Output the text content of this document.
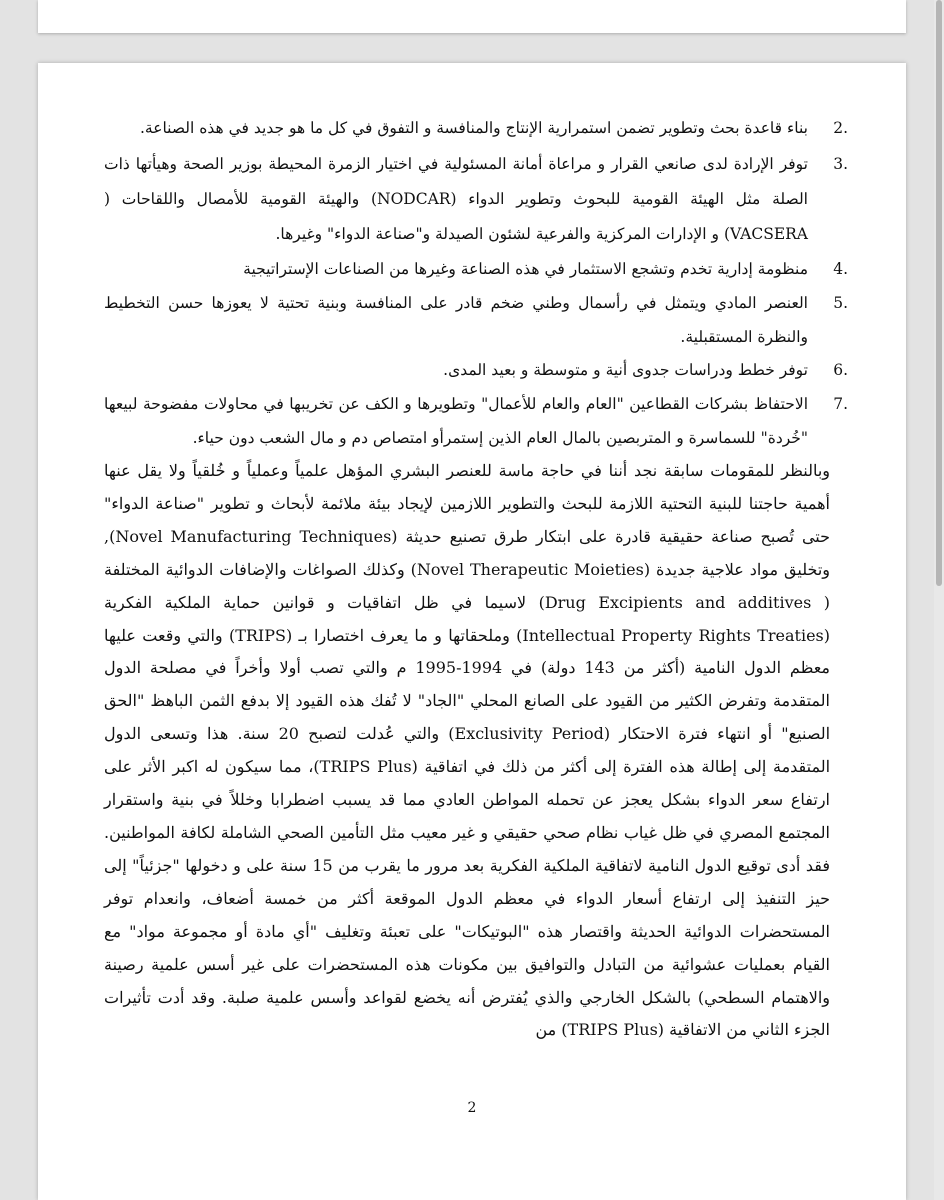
2.
بناء قاعدة بحث وتطوير تضمن استمرارية الإنتاج والمنافسة و التفوق في كل ما هو جديد في هذه الصناعة.
3.
توفر الإرادة لدى صانعي القرار و مراعاة أمانة المسئولية في اختيار الزمرة المحيطة بوزير الصحة وهيأتها ذات الصلة مثل الهيئة القومية للبحوث وتطوير الدواء (NODCAR) والهيئة القومية للأمصال واللقاحات ( VACSERA) و الإدارات المركزية والفرعية لشئون الصيدلة و"صناعة الدواء" وغيرها.
4.
منظومة إدارية تخدم وتشجع الاستثمار في هذه الصناعة وغيرها من الصناعات الإستراتيجية
5.
العنصر المادي ويتمثل في رأسمال وطني ضخم قادر على المنافسة وبنية تحتية لا يعوزها حسن التخطيط والنظرة المستقبلية.
6.
توفر خطط ودراسات جدوى أنية و متوسطة و بعيد المدى.
7.
الاحتفاظ بشركات القطاعين "العام والعام للأعمال" وتطويرها و الكف عن تخريبها في محاولات مفضوحة لبيعها "خُردة" للسماسرة و المتربصين بالمال العام الذين إستمرأو امتصاص دم و مال الشعب دون حياء.

وبالنظر للمقومات سابقة نجد أننا في حاجة ماسة للعنصر البشري المؤهل علمياً وعملياً و خُلقياً ولا يقل عنها أهمية حاجتنا للبنية التحتية اللازمة للبحث والتطوير اللازمين لإيجاد بيئة ملائمة لأبحاث و تطوير "صناعة الدواء" حتى تُصبح صناعة حقيقية قادرة على ابتكار طرق تصنيع حديثة (Novel Manufacturing Techniques), وتخليق مواد علاجية جديدة (Novel Therapeutic Moieties) وكذلك الصواغات والإضافات الدوائية المختلفة ( Drug Excipients and additives) لاسيما في ظل اتفاقيات و قوانين حماية الملكية الفكرية (Intellectual Property Rights Treaties) وملحقاتها و ما يعرف اختصارا بـ (TRIPS) والتي وقعت عليها معظم الدول النامية (أكثر من 143 دولة) في 1994-1995 م والتي تصب أولا وأخراً في مصلحة الدول المتقدمة وتفرض الكثير من القيود على الصانع المحلي "الجاد" لا تُفك هذه القيود إلا بدفع الثمن الباهظ "الحق الصنيع" أو انتهاء فترة الاحتكار (Exclusivity Period) والتي عُدلت لتصبح 20 سنة. هذا وتسعى الدول المتقدمة إلى إطالة هذه الفترة إلى أكثر من ذلك في اتفاقية (TRIPS Plus)، مما سيكون له اكبر الأثر على ارتفاع سعر الدواء بشكل يعجز عن تحمله المواطن العادي مما قد يسبب اضطرابا وخللاً في بنية واستقرار المجتمع المصري في ظل غياب نظام صحي حقيقي و غير معيب مثل التأمين الصحي الشاملة لكافة المواطنين. فقد أدى توقيع الدول النامية لاتفاقية الملكية الفكرية بعد مرور ما يقرب من 15 سنة على و دخولها "جزئياً" إلى حيز التنفيذ إلى ارتفاع أسعار الدواء في معظم الدول الموقعة أكثر من خمسة أضعاف، وانعدام توفر المستحضرات الدوائية الحديثة واقتصار هذه "البوتيكات" على تعبئة وتغليف "أي مادة أو مجموعة مواد" مع القيام بعمليات عشوائية من التبادل والتوافيق بين مكونات هذه المستحضرات على غير أسس علمية رصينة والاهتمام السطحي) بالشكل الخارجي والذي يُفترض أنه يخضع لقواعد وأسس علمية صلبة. وقد أدت تأثيرات الجزء الثاني من الاتفاقية (TRIPS Plus) من

2
